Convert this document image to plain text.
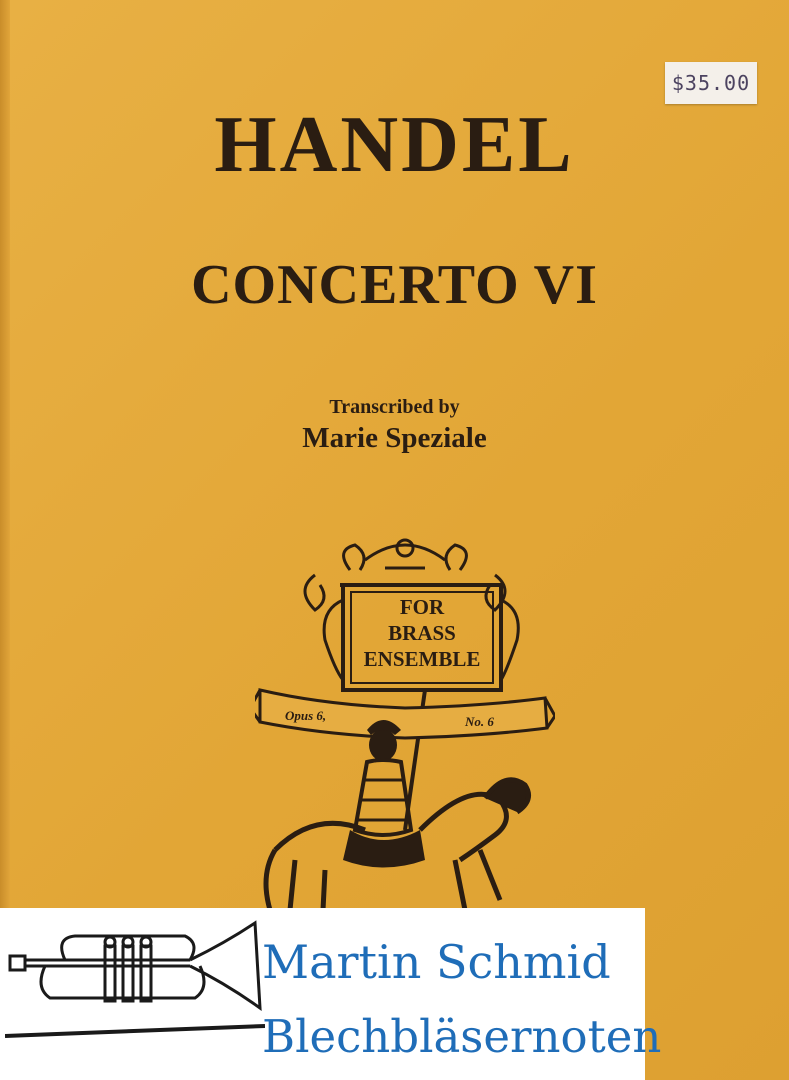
$35.00
HANDEL
CONCERTO VI
Transcribed by
Marie Speziale
FOR
BRASS
ENSEMBLE
Opus 6,	No. 6
Martin Schmid
Blechbläsernoten
